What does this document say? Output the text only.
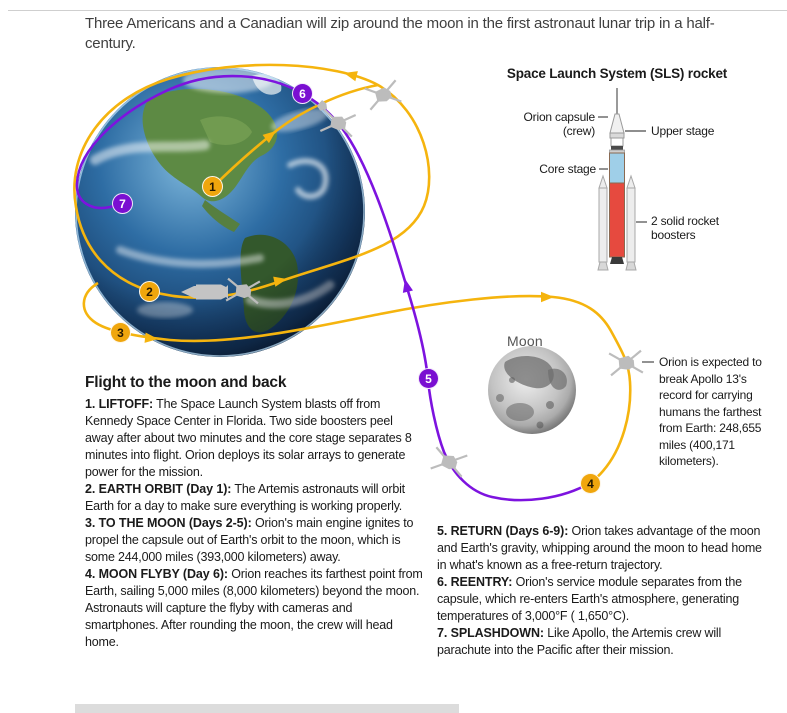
Three Americans and a Canadian will zip around the moon in the first astronaut lunar trip in a half-century.
1
2
3
4
5
6
7
Space Launch System (SLS) rocket
Orion capsule
(crew)	Upper stage
Core stage
2 solid rocket boosters
Moon
Orion is expected to break Apollo 13's record for carrying humans the farthest from Earth: 248,655 miles (400,171 kilometers).
Flight to the moon and back

1. LIFTOFF: The Space Launch System blasts off from Kennedy Space Center in Florida. Two side boosters peel away after about two minutes and the core stage separates 8 minutes into flight. Orion deploys its solar arrays to generate power for the mission.

2. EARTH ORBIT (Day 1): The Artemis astronauts will orbit Earth for a day to make sure everything is working properly.

3. TO THE MOON (Days 2-5): Orion's main engine ignites to propel the capsule out of Earth's orbit to the moon, which is some 244,000 miles (393,000 kilometers) away.

4. MOON FLYBY (Day 6): Orion reaches its farthest point from Earth, sailing 5,000 miles (8,000 kilometers) beyond the moon. Astronauts will capture the flyby with cameras and smartphones. After rounding the moon, the crew will head home.

5. RETURN (Days 6-9): Orion takes advantage of the moon and Earth's gravity, whipping around the moon to head home in what's known as a free-return trajectory.

6. REENTRY: Orion's service module separates from the capsule, which re-enters Earth's atmosphere, generating temperatures of 3,000°F ( 1,650°C).

7. SPLASHDOWN: Like Apollo, the Artemis crew will parachute into the Pacific after their mission.
